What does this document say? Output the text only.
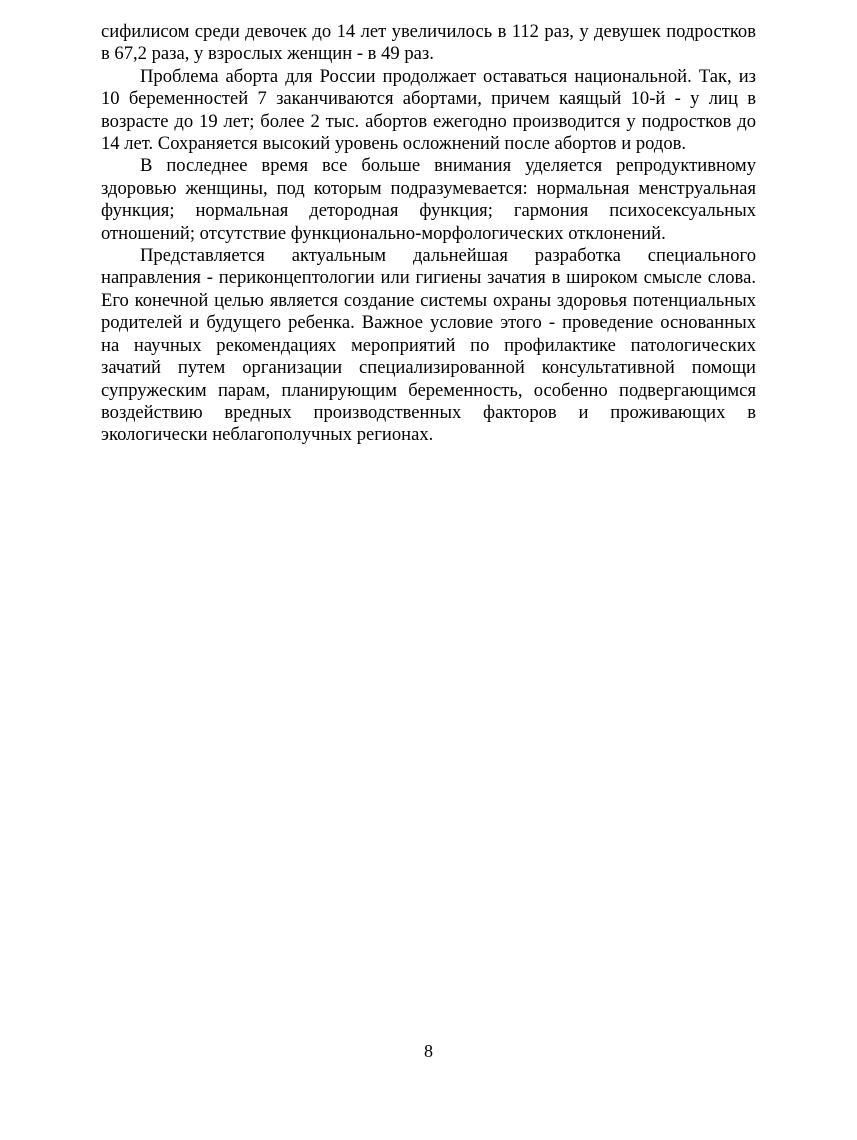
сифилисом среди девочек до 14 лет увеличилось в 112 раз, у девушек подростков в 67,2 раза, у взрослых женщин - в 49 раз.

Проблема аборта для России продолжает оставаться национальной. Так, из 10 беременностей 7 заканчиваются абортами, причем каящый 10-й - у лиц в возрасте до 19 лет; более 2 тыс. абортов ежегодно производится у подростков до 14 лет. Сохраняется высокий уровень осложнений после абортов и родов.

В последнее время все больше внимания уделяется репродуктивному здоровью женщины, под которым подразумевается: нормальная менструальная функция; нормальная детородная функция; гармония психосексуальных отношений; отсутствие функционально-морфологических отклонений.

Представляется актуальным дальнейшая разработка специального направления - периконцептологии или гигиены зачатия в широком смысле слова. Его конечной целью является создание системы охраны здоровья потенциальных родителей и будущего ребенка. Важное условие этого - проведение основанных на научных рекомендациях мероприятий по профилактике патологических зачатий путем организации специализированной консультативной помощи супружеским парам, планирующим беременность, особенно подвергающимся воздействию вредных производственных факторов и проживающих в экологически неблагополучных регионах.

8
